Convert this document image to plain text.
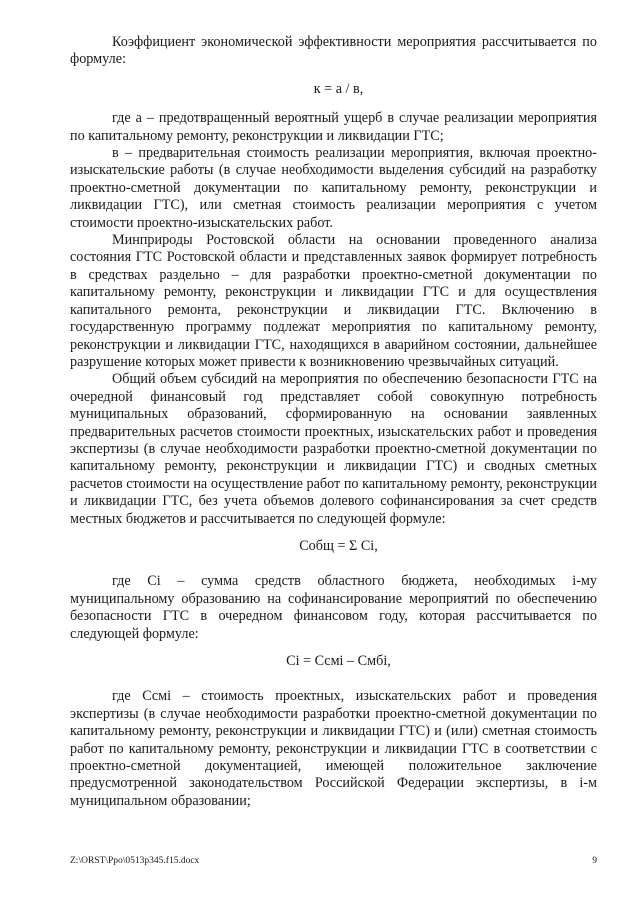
Коэффициент экономической эффективности мероприятия рассчитывается по формуле:

к = а / в,

где а – предотвращенный вероятный ущерб в случае реализации мероприятия по капитальному ремонту, реконструкции и ликвидации ГТС;

в – предварительная стоимость реализации мероприятия, включая проектно-изыскательские работы (в случае необходимости выделения субсидий на разработку проектно-сметной документации по капитальному ремонту, реконструкции и ликвидации ГТС), или сметная стоимость реализации мероприятия с учетом стоимости проектно-изыскательских работ.

Минприроды Ростовской области на основании проведенного анализа состояния ГТС Ростовской области и представленных заявок формирует потребность в средствах раздельно – для разработки проектно-сметной документации по капитальному ремонту, реконструкции и ликвидации ГТС и для осуществления капитального ремонта, реконструкции и ликвидации ГТС. Включению в государственную программу подлежат мероприятия по капитальному ремонту, реконструкции и ликвидации ГТС, находящихся в аварийном состоянии, дальнейшее разрушение которых может привести к возникновению чрезвычайных ситуаций.

Общий объем субсидий на мероприятия по обеспечению безопасности ГТС на очередной финансовый год представляет собой совокупную потребность муниципальных образований, сформированную на основании заявленных предварительных расчетов стоимости проектных, изыскательских работ и проведения экспертизы (в случае необходимости разработки проектно-сметной документации по капитальному ремонту, реконструкции и ликвидации ГТС) и сводных сметных расчетов стоимости на осуществление работ по капитальному ремонту, реконструкции и ликвидации ГТС, без учета объемов долевого софинансирования за счет средств местных бюджетов и рассчитывается по следующей формуле:

Собщ = Σ Сi,

где Сi – сумма средств областного бюджета, необходимых i-му муниципальному образованию на софинансирование мероприятий по обеспечению безопасности ГТС в очередном финансовом году, которая рассчитывается по следующей формуле:

Сi = Ссмi – Смбi,

где Ссмi – стоимость проектных, изыскательских работ и проведения экспертизы (в случае необходимости разработки проектно-сметной документации по капитальному ремонту, реконструкции и ликвидации ГТС) и (или) сметная стоимость работ по капитальному ремонту, реконструкции и ликвидации ГТС в соответствии с проектно-сметной документацией, имеющей положительное заключение предусмотренной законодательством Российской Федерации экспертизы, в i-м муниципальном образовании;

Z:\ORST\Ppo\0513p345.f15.docx	9
